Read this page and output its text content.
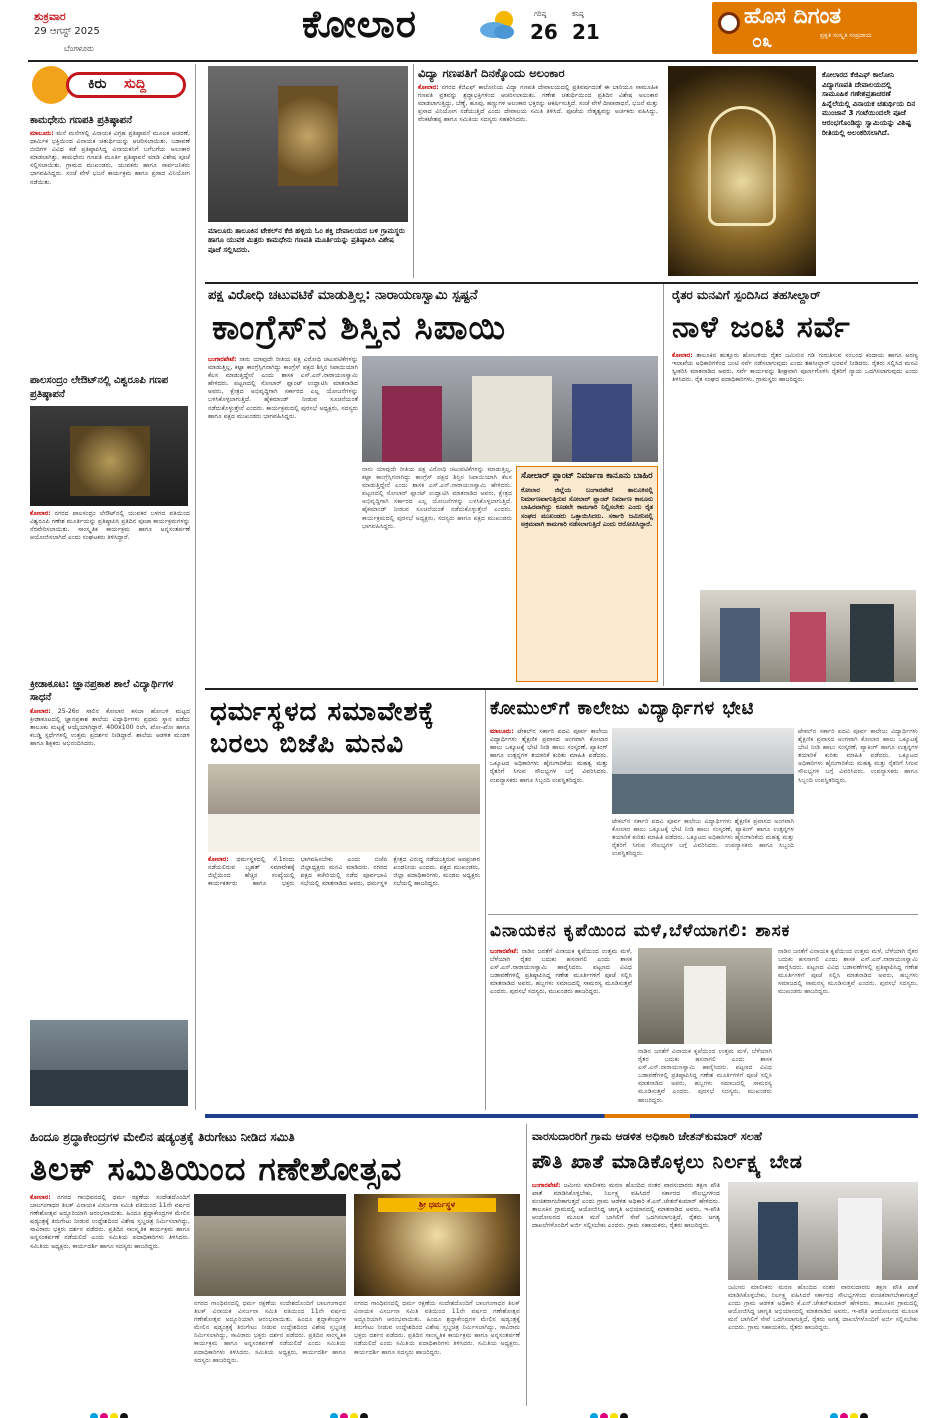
ಶುಕ್ರವಾರ
29 ಆಗಸ್ಟ್ 2025
ಬೆಂಗಳೂರು
ಕೋಲಾರ	ಗರಿಷ್ಠ
26
ಕನಿಷ್ಠ
21
ಹೊಸ ದಿಗಂತ
ಪ್ರಕೃತಿ ಸಂಸ್ಕೃತಿ ಸಂಪ್ರದಾಯ
೦೩
ಕಿರು ಸುದ್ದಿ
ಕಾಮಧೇನು ಗಣಪತಿ ಪ್ರತಿಷ್ಠಾಪನೆ
ಮಾಲೂರು: ಮನೆ ಮನೆಗಳಲ್ಲಿ ವಿನಾಯಕ ವಿಗ್ರಹ ಪ್ರತಿಷ್ಠಾಪನೆ ಮೂಲಕ ಆಚರಣೆ, ಧಾರ್ಮಿಕ ಭಕ್ತಿಯಿಂದ ವಿನಾಯಕ ಚತುರ್ಥಿಯನ್ನು ಆಚರಿಸಲಾಯಿತು. ಬಡಾವಣೆ ಬೀದಿಗಳ ವಿವಿಧ ಕಡೆ ಪ್ರತಿಷ್ಠಾಪಿಸಿದ್ದ ವಿನಾಯಕನಿಗೆ ಬಗೆಬಗೆಯ ಅಲಂಕಾರ ಮಾಡಲಾಗಿತ್ತು. ಕಾಮಧೇನು ಗಣಪತಿ ಮೂರ್ತಿ ಪ್ರತಿಷ್ಠಾಪನೆ ಮಾಡಿ ವಿಶೇಷ ಪೂಜೆ ಸಲ್ಲಿಸಲಾಯಿತು. ಗ್ರಾಮದ ಮುಖಂಡರು, ಯುವಕರು ಹಾಗೂ ಸಾರ್ವಜನಿಕರು ಭಾಗವಹಿಸಿದ್ದರು. ಸಂಜೆ ವೇಳೆ ಭಜನೆ ಕಾರ್ಯಕ್ರಮ ಹಾಗೂ ಪ್ರಸಾದ ವಿನಿಯೋಗ ನಡೆಯಿತು.
ಪಾಲಸಂದ್ರಂ ಲೇಔಟ್‌ನಲ್ಲಿ ವಿಶ್ವರೂಪಿ ಗಣಪ ಪ್ರತಿಷ್ಠಾಪನೆ
ಕೋಲಾರ: ನಗರದ ಪಾಲಸಂದ್ರಂ ಲೇಔಟ್‌ನಲ್ಲಿ ಯುವಕರ ಬಳಗದ ವತಿಯಿಂದ ವಿಶ್ವರೂಪಿ ಗಣೇಶ ಮೂರ್ತಿಯನ್ನು ಪ್ರತಿಷ್ಠಾಪಿಸಿ ಪ್ರತಿದಿನ ಪೂಜಾ ಕಾರ್ಯಕ್ರಮಗಳನ್ನು ನೆರವೇರಿಸಲಾಯಿತು. ಸಾಂಸ್ಕೃತಿಕ ಕಾರ್ಯಕ್ರಮ ಹಾಗೂ ಅನ್ನಸಂತರ್ಪಣೆ ಆಯೋಜಿಸಲಾಗಿದೆ ಎಂದು ಸಂಘಟಕರು ತಿಳಿಸಿದ್ದಾರೆ.
ಕ್ರೀಡಾಕೂಟ: ಜ್ಞಾನಪ್ರಕಾಶ ಶಾಲೆ ವಿದ್ಯಾರ್ಥಿಗಳ ಸಾಧನೆ
ಕೋಲಾರ: 25-26ರ ಸಾಲಿನ ಕೋಲಾರ ಕಸಬಾ ಹೋಬಳಿ ಮಟ್ಟದ ಕ್ರೀಡಾಕೂಟದಲ್ಲಿ ಜ್ಞಾನಪ್ರಕಾಶ ಶಾಲೆಯ ವಿದ್ಯಾರ್ಥಿಗಳು ಪ್ರಥಮ ಸ್ಥಾನ ಪಡೆದು ತಾಲೂಕು ಮಟ್ಟಕ್ಕೆ ಆಯ್ಕೆಯಾಗಿದ್ದಾರೆ. 400x100 ರಿಲೇ, ಖೋ-ಖೋ ಹಾಗೂ ಕಬಡ್ಡಿ ಸ್ಪರ್ಧೆಗಳಲ್ಲಿ ಉತ್ತಮ ಪ್ರದರ್ಶನ ನೀಡಿದ್ದಾರೆ. ಶಾಲೆಯ ಆಡಳಿತ ಮಂಡಳಿ ಹಾಗೂ ಶಿಕ್ಷಕರು ಅಭಿನಂದಿಸಿದರು.
ಮಾಲೂರು ತಾಲೂಕಿನ ಟೇಕಲ್‌ನ ಕೆಜಿ ಹಳ್ಳಿಯ ಓಂ ಶಕ್ತಿ ದೇವಾಲಯದ ಬಳಿ ಗ್ರಾಮಸ್ಥರು ಹಾಗೂ ಯುವಕ ಮಿತ್ರರು ಕಾಮಧೇನು ಗಣಪತಿ ಮೂರ್ತಿಯನ್ನು ಪ್ರತಿಷ್ಠಾಪಿಸಿ ವಿಶೇಷ ಪೂಜೆ ಸಲ್ಲಿಸಿದರು.
ವಿದ್ಯಾ ಗಣಪತಿಗೆ ದಿನಕ್ಕೊಂದು ಅಲಂಕಾರ
ಕೋಲಾರ: ನಗರದ ಕೆಜಿಎಫ್ ಕಾಲೋನಿಯ ವಿದ್ಯಾ ಗಣಪತಿ ದೇವಾಲಯದಲ್ಲಿ ಪ್ರತಿವರ್ಷದಂತೆ ಈ ಬಾರಿಯೂ ಸಾಮೂಹಿಕ ಗಣಪತಿ ವ್ರತವನ್ನು ಶ್ರದ್ಧಾಭಕ್ತಿಗಳಿಂದ ಆಚರಿಸಲಾಯಿತು. ಗಣೇಶ ಚತುರ್ಥಿಯಿಂದ ಪ್ರತಿದಿನ ವಿಶೇಷ ಅಲಂಕಾರ ಮಾಡಲಾಗುತ್ತಿದ್ದು, ಬೆಣ್ಣೆ, ಹೂವು, ಹಣ್ಣುಗಳ ಅಲಂಕಾರ ಭಕ್ತರನ್ನು ಆಕರ್ಷಿಸುತ್ತಿದೆ. ಸಂಜೆ ವೇಳೆ ದೀಪಾರಾಧನೆ, ಭಜನೆ ಮತ್ತು ಪ್ರಸಾದ ವಿನಿಯೋಗ ನಡೆಯುತ್ತಿದೆ ಎಂದು ದೇವಾಲಯ ಸಮಿತಿ ತಿಳಿಸಿದೆ. ಪೂಜೆಯ ನೇತೃತ್ವವನ್ನು ಅರ್ಚಕರು ವಹಿಸಿದ್ದು, ವೆಂಕಟೇಶಪ್ಪ ಹಾಗೂ ಸಮಿತಿಯ ಸದಸ್ಯರು ಸಹಕರಿಸಿದರು.
ಕೋಲಾರದ ಕೆಜಿಎಫ್ ಕಾಲೋನಿ ವಿದ್ಯಾಗಣಪತಿ ದೇವಾಲಯದಲ್ಲಿ ಸಾಮೂಹಿಕ ಗಣೇಶವ್ರತಾಚರಣೆ ಹಿನ್ನೆಲೆಯಲ್ಲಿ ವಿನಾಯಕ ಚತುರ್ಥಿಯ ದಿನ ಮುಂಜಾನೆ 3 ಗಂಟೆಯಿಂದಲೇ ಪೂಜೆ ಆರಂಭಗೊಂಡಿದ್ದು ಸ್ವಾಮಿಯನ್ನು ವಿಶಿಷ್ಟ ರೀತಿಯಲ್ಲಿ ಅಲಂಕರಿಸಲಾಗಿದೆ.
ಪಕ್ಷ ವಿರೋಧಿ ಚಟುವಟಿಕೆ ಮಾಡುತ್ತಿಲ್ಲ: ನಾರಾಯಣಸ್ವಾಮಿ ಸ್ಪಷ್ಟನೆ
ಕಾಂಗ್ರೆಸ್‌ನ ಶಿಸ್ತಿನ ಸಿಪಾಯಿ
ಬಂಗಾರಪೇಟೆ: ನಾನು ಯಾವುದೇ ರೀತಿಯ ಪಕ್ಷ ವಿರೋಧಿ ಚಟುವಟಿಕೆಗಳನ್ನು ಮಾಡುತ್ತಿಲ್ಲ, ಕಟ್ಟಾ ಕಾಂಗ್ರೆಸ್ಸಿಗನಾಗಿದ್ದು ಕಾಂಗ್ರೆಸ್ ಪಕ್ಷದ ಶಿಸ್ತಿನ ಸಿಪಾಯಿಯಾಗಿ ಕೆಲಸ ಮಾಡುತ್ತಿದ್ದೇನೆ ಎಂದು ಶಾಸಕ ಎಸ್.ಎನ್.ನಾರಾಯಣಸ್ವಾಮಿ ಹೇಳಿದರು. ಪಟ್ಟಣದಲ್ಲಿ ಸೋಲಾರ್ ಪ್ಲಾಂಟ್ ಉದ್ಘಾಟಿಸಿ ಮಾತನಾಡಿದ ಅವರು, ಕ್ಷೇತ್ರದ ಅಭಿವೃದ್ಧಿಗಾಗಿ ಸರ್ಕಾರದ ಎಲ್ಲ ಯೋಜನೆಗಳನ್ನು ಬಳಸಿಕೊಳ್ಳಲಾಗುತ್ತಿದೆ. ಹೈಕಮಾಂಡ್ ನೀಡುವ ಸೂಚನೆಯಂತೆ ನಡೆದುಕೊಳ್ಳುತ್ತೇನೆ ಎಂದರು. ಕಾರ್ಯಕ್ರಮದಲ್ಲಿ ಪುರಸಭೆ ಅಧ್ಯಕ್ಷರು, ಸದಸ್ಯರು ಹಾಗೂ ಪಕ್ಷದ ಮುಖಂಡರು ಭಾಗವಹಿಸಿದ್ದರು.
ನಾನು ಯಾವುದೇ ರೀತಿಯ ಪಕ್ಷ ವಿರೋಧಿ ಚಟುವಟಿಕೆಗಳನ್ನು ಮಾಡುತ್ತಿಲ್ಲ, ಕಟ್ಟಾ ಕಾಂಗ್ರೆಸ್ಸಿಗನಾಗಿದ್ದು ಕಾಂಗ್ರೆಸ್ ಪಕ್ಷದ ಶಿಸ್ತಿನ ಸಿಪಾಯಿಯಾಗಿ ಕೆಲಸ ಮಾಡುತ್ತಿದ್ದೇನೆ ಎಂದು ಶಾಸಕ ಎಸ್.ಎನ್.ನಾರಾಯಣಸ್ವಾಮಿ ಹೇಳಿದರು. ಪಟ್ಟಣದಲ್ಲಿ ಸೋಲಾರ್ ಪ್ಲಾಂಟ್ ಉದ್ಘಾಟಿಸಿ ಮಾತನಾಡಿದ ಅವರು, ಕ್ಷೇತ್ರದ ಅಭಿವೃದ್ಧಿಗಾಗಿ ಸರ್ಕಾರದ ಎಲ್ಲ ಯೋಜನೆಗಳನ್ನು ಬಳಸಿಕೊಳ್ಳಲಾಗುತ್ತಿದೆ. ಹೈಕಮಾಂಡ್ ನೀಡುವ ಸೂಚನೆಯಂತೆ ನಡೆದುಕೊಳ್ಳುತ್ತೇನೆ ಎಂದರು. ಕಾರ್ಯಕ್ರಮದಲ್ಲಿ ಪುರಸಭೆ ಅಧ್ಯಕ್ಷರು, ಸದಸ್ಯರು ಹಾಗೂ ಪಕ್ಷದ ಮುಖಂಡರು ಭಾಗವಹಿಸಿದ್ದರು.
ಸೋಲಾರ್ ಪ್ಲಾಂಟ್ ನಿರ್ಮಾಣ ಕಾನೂನು ಬಾಹಿರ
ಕೋಲಾರ ಜಿಲ್ಲೆಯ ಬಂಗಾರಪೇಟೆ ತಾಲೂಕಿನಲ್ಲಿ ನಿರ್ಮಾಣವಾಗುತ್ತಿರುವ ಸೋಲಾರ್ ಪ್ಲಾಂಟ್ ನಿರ್ಮಾಣ ಕಾನೂನು ಬಾಹಿರವಾಗಿದ್ದು ಕೂಡಲೇ ಕಾಮಗಾರಿ ನಿಲ್ಲಿಸಬೇಕು ಎಂದು ರೈತ ಸಂಘದ ಮುಖಂಡರು ಒತ್ತಾಯಿಸಿದರು. ಸರ್ಕಾರಿ ಜಮೀನಿನಲ್ಲಿ ಅಕ್ರಮವಾಗಿ ಕಾಮಗಾರಿ ನಡೆಸಲಾಗುತ್ತಿದೆ ಎಂದು ಆರೋಪಿಸಿದ್ದಾರೆ.
ರೈತರ ಮನವಿಗೆ ಸ್ಪಂದಿಸಿದ ತಹಸೀಲ್ದಾರ್
ನಾಳೆ ಜಂಟಿ ಸರ್ವೆ
ಕೋಲಾರ: ತಾಲೂಕಿನ ಹುತ್ತೂರು ಹೋಬಳಿಯ ರೈತರ ಜಮೀನಿನ ಗಡಿ ಗುರುತಿಸುವ ಸಂಬಂಧ ಕಂದಾಯ ಹಾಗೂ ಅರಣ್ಯ ಇಲಾಖೆಯ ಅಧಿಕಾರಿಗಳಿಂದ ಜಂಟಿ ಸರ್ವೆ ನಡೆಸಲಾಗುವುದು ಎಂದು ತಹಸೀಲ್ದಾರ್ ಭರವಸೆ ನೀಡಿದರು. ರೈತರು ಸಲ್ಲಿಸಿದ ಮನವಿ ಸ್ವೀಕರಿಸಿ ಮಾತನಾಡಿದ ಅವರು, ಸರ್ವೆ ಕಾರ್ಯವನ್ನು ಶೀಘ್ರವಾಗಿ ಪೂರ್ಣಗೊಳಿಸಿ ರೈತರಿಗೆ ನ್ಯಾಯ ಒದಗಿಸಲಾಗುವುದು ಎಂದು ತಿಳಿಸಿದರು. ರೈತ ಸಂಘದ ಪದಾಧಿಕಾರಿಗಳು, ಗ್ರಾಮಸ್ಥರು ಹಾಜರಿದ್ದರು.
ಧರ್ಮಸ್ಥಳದ ಸಮಾವೇಶಕ್ಕೆ
ಬರಲು ಬಿಜೆಪಿ ಮನವಿ
ಕೋಲಾರ: ಧರ್ಮಸ್ಥಳದಲ್ಲಿ ಸೆ.1ರಂದು ನಡೆಯಲಿರುವ ಬೃಹತ್ ಸಮಾವೇಶಕ್ಕೆ ಜಿಲ್ಲೆಯಿಂದ ಹೆಚ್ಚಿನ ಸಂಖ್ಯೆಯಲ್ಲಿ ಕಾರ್ಯಕರ್ತರು ಹಾಗೂ ಭಕ್ತರು ಭಾಗವಹಿಸಬೇಕು ಎಂದು ಬಿಜೆಪಿ ಜಿಲ್ಲಾಧ್ಯಕ್ಷರು ಮನವಿ ಮಾಡಿದರು. ನಗರದ ಪಕ್ಷದ ಕಚೇರಿಯಲ್ಲಿ ನಡೆದ ಪೂರ್ವಭಾವಿ ಸಭೆಯಲ್ಲಿ ಮಾತನಾಡಿದ ಅವರು, ಧರ್ಮಸ್ಥಳ ಕ್ಷೇತ್ರದ ವಿರುದ್ಧ ನಡೆಯುತ್ತಿರುವ ಅಪಪ್ರಚಾರ ಖಂಡನೀಯ ಎಂದರು. ಪಕ್ಷದ ಮುಖಂಡರು, ಜಿಲ್ಲಾ ಪದಾಧಿಕಾರಿಗಳು, ಮಂಡಲ ಅಧ್ಯಕ್ಷರು ಸಭೆಯಲ್ಲಿ ಹಾಜರಿದ್ದರು.
ಕೋಮುಲ್‌ಗೆ ಕಾಲೇಜು ವಿದ್ಯಾರ್ಥಿಗಳ ಭೇಟಿ
ಮಾಲೂರು: ಟೇಕಲ್‌ನ ಸರ್ಕಾರಿ ಪದವಿ ಪೂರ್ವ ಕಾಲೇಜು ವಿದ್ಯಾರ್ಥಿಗಳು ಶೈಕ್ಷಣಿಕ ಪ್ರವಾಸದ ಅಂಗವಾಗಿ ಕೋಲಾರ ಹಾಲು ಒಕ್ಕೂಟಕ್ಕೆ ಭೇಟಿ ನೀಡಿ ಹಾಲು ಸಂಸ್ಕರಣೆ, ಪ್ಯಾಕಿಂಗ್ ಹಾಗೂ ಉತ್ಪನ್ನಗಳ ತಯಾರಿಕೆ ಕುರಿತು ಮಾಹಿತಿ ಪಡೆದರು. ಒಕ್ಕೂಟದ ಅಧಿಕಾರಿಗಳು ಹೈನುಗಾರಿಕೆಯ ಮಹತ್ವ ಮತ್ತು ರೈತರಿಗೆ ಸಿಗುವ ಸೌಲಭ್ಯಗಳ ಬಗ್ಗೆ ವಿವರಿಸಿದರು. ಉಪನ್ಯಾಸಕರು ಹಾಗೂ ಸಿಬ್ಬಂದಿ ಉಪಸ್ಥಿತರಿದ್ದರು.
ಟೇಕಲ್‌ನ ಸರ್ಕಾರಿ ಪದವಿ ಪೂರ್ವ ಕಾಲೇಜು ವಿದ್ಯಾರ್ಥಿಗಳು ಶೈಕ್ಷಣಿಕ ಪ್ರವಾಸದ ಅಂಗವಾಗಿ ಕೋಲಾರ ಹಾಲು ಒಕ್ಕೂಟಕ್ಕೆ ಭೇಟಿ ನೀಡಿ ಹಾಲು ಸಂಸ್ಕರಣೆ, ಪ್ಯಾಕಿಂಗ್ ಹಾಗೂ ಉತ್ಪನ್ನಗಳ ತಯಾರಿಕೆ ಕುರಿತು ಮಾಹಿತಿ ಪಡೆದರು. ಒಕ್ಕೂಟದ ಅಧಿಕಾರಿಗಳು ಹೈನುಗಾರಿಕೆಯ ಮಹತ್ವ ಮತ್ತು ರೈತರಿಗೆ ಸಿಗುವ ಸೌಲಭ್ಯಗಳ ಬಗ್ಗೆ ವಿವರಿಸಿದರು. ಉಪನ್ಯಾಸಕರು ಹಾಗೂ ಸಿಬ್ಬಂದಿ ಉಪಸ್ಥಿತರಿದ್ದರು.
ಟೇಕಲ್‌ನ ಸರ್ಕಾರಿ ಪದವಿ ಪೂರ್ವ ಕಾಲೇಜು ವಿದ್ಯಾರ್ಥಿಗಳು ಶೈಕ್ಷಣಿಕ ಪ್ರವಾಸದ ಅಂಗವಾಗಿ ಕೋಲಾರ ಹಾಲು ಒಕ್ಕೂಟಕ್ಕೆ ಭೇಟಿ ನೀಡಿ ಹಾಲು ಸಂಸ್ಕರಣೆ, ಪ್ಯಾಕಿಂಗ್ ಹಾಗೂ ಉತ್ಪನ್ನಗಳ ತಯಾರಿಕೆ ಕುರಿತು ಮಾಹಿತಿ ಪಡೆದರು. ಒಕ್ಕೂಟದ ಅಧಿಕಾರಿಗಳು ಹೈನುಗಾರಿಕೆಯ ಮಹತ್ವ ಮತ್ತು ರೈತರಿಗೆ ಸಿಗುವ ಸೌಲಭ್ಯಗಳ ಬಗ್ಗೆ ವಿವರಿಸಿದರು. ಉಪನ್ಯಾಸಕರು ಹಾಗೂ ಸಿಬ್ಬಂದಿ ಉಪಸ್ಥಿತರಿದ್ದರು.
ವಿನಾಯಕನ ಕೃಪೆಯಿಂದ ಮಳೆ,ಬೆಳೆಯಾಗಲಿ: ಶಾಸಕ
ಬಂಗಾರಪೇಟೆ: ನಾಡಿನ ಜನತೆಗೆ ವಿನಾಯಕ ಕೃಪೆಯಿಂದ ಉತ್ತಮ ಮಳೆ, ಬೆಳೆಯಾಗಿ ರೈತರ ಬದುಕು ಹಸನಾಗಲಿ ಎಂದು ಶಾಸಕ ಎಸ್.ಎನ್.ನಾರಾಯಣಸ್ವಾಮಿ ಹಾರೈಸಿದರು. ಪಟ್ಟಣದ ವಿವಿಧ ಬಡಾವಣೆಗಳಲ್ಲಿ ಪ್ರತಿಷ್ಠಾಪಿಸಿದ್ದ ಗಣೇಶ ಮೂರ್ತಿಗಳಿಗೆ ಪೂಜೆ ಸಲ್ಲಿಸಿ ಮಾತನಾಡಿದ ಅವರು, ಹಬ್ಬಗಳು ಸಮಾಜದಲ್ಲಿ ಸಾಮರಸ್ಯ ಮೂಡಿಸುತ್ತವೆ ಎಂದರು. ಪುರಸಭೆ ಸದಸ್ಯರು, ಮುಖಂಡರು ಹಾಜರಿದ್ದರು.
ನಾಡಿನ ಜನತೆಗೆ ವಿನಾಯಕ ಕೃಪೆಯಿಂದ ಉತ್ತಮ ಮಳೆ, ಬೆಳೆಯಾಗಿ ರೈತರ ಬದುಕು ಹಸನಾಗಲಿ ಎಂದು ಶಾಸಕ ಎಸ್.ಎನ್.ನಾರಾಯಣಸ್ವಾಮಿ ಹಾರೈಸಿದರು. ಪಟ್ಟಣದ ವಿವಿಧ ಬಡಾವಣೆಗಳಲ್ಲಿ ಪ್ರತಿಷ್ಠಾಪಿಸಿದ್ದ ಗಣೇಶ ಮೂರ್ತಿಗಳಿಗೆ ಪೂಜೆ ಸಲ್ಲಿಸಿ ಮಾತನಾಡಿದ ಅವರು, ಹಬ್ಬಗಳು ಸಮಾಜದಲ್ಲಿ ಸಾಮರಸ್ಯ ಮೂಡಿಸುತ್ತವೆ ಎಂದರು. ಪುರಸಭೆ ಸದಸ್ಯರು, ಮುಖಂಡರು ಹಾಜರಿದ್ದರು.
ನಾಡಿನ ಜನತೆಗೆ ವಿನಾಯಕ ಕೃಪೆಯಿಂದ ಉತ್ತಮ ಮಳೆ, ಬೆಳೆಯಾಗಿ ರೈತರ ಬದುಕು ಹಸನಾಗಲಿ ಎಂದು ಶಾಸಕ ಎಸ್.ಎನ್.ನಾರಾಯಣಸ್ವಾಮಿ ಹಾರೈಸಿದರು. ಪಟ್ಟಣದ ವಿವಿಧ ಬಡಾವಣೆಗಳಲ್ಲಿ ಪ್ರತಿಷ್ಠಾಪಿಸಿದ್ದ ಗಣೇಶ ಮೂರ್ತಿಗಳಿಗೆ ಪೂಜೆ ಸಲ್ಲಿಸಿ ಮಾತನಾಡಿದ ಅವರು, ಹಬ್ಬಗಳು ಸಮಾಜದಲ್ಲಿ ಸಾಮರಸ್ಯ ಮೂಡಿಸುತ್ತವೆ ಎಂದರು. ಪುರಸಭೆ ಸದಸ್ಯರು, ಮುಖಂಡರು ಹಾಜರಿದ್ದರು.
ಹಿಂದೂ ಶ್ರದ್ಧಾಕೇಂದ್ರಗಳ ಮೇಲಿನ ಷಡ್ಯಂತ್ರಕ್ಕೆ ತಿರುಗೇಟು ನೀಡಿದ ಸಮಿತಿ
ತಿಲಕ್ ಸಮಿತಿಯಿಂದ ಗಣೇಶೋತ್ಸವ
ಕೋಲಾರ: ನಗರದ ಗಾಂಧಿವನದಲ್ಲಿ ಧರ್ಮ ರಕ್ಷಣೆಯ ಸಂದೇಶದೊಂದಿಗೆ ಬಾಲಗಂಗಾಧರ ತಿಲಕ್ ವಿನಾಯಕ ವಿಸರ್ಜನಾ ಸಮಿತಿ ವತಿಯಿಂದ 11ನೇ ವರ್ಷದ ಗಣೇಶೋತ್ಸವ ಅದ್ದೂರಿಯಾಗಿ ಆರಂಭವಾಯಿತು. ಹಿಂದೂ ಶ್ರದ್ಧಾಕೇಂದ್ರಗಳ ಮೇಲಿನ ಷಡ್ಯಂತ್ರಕ್ಕೆ ತಿರುಗೇಟು ನೀಡುವ ಉದ್ದೇಶದಿಂದ ವಿಶೇಷ ಸ್ತಬ್ಧಚಿತ್ರ ನಿರ್ಮಿಸಲಾಗಿದ್ದು, ಸಾವಿರಾರು ಭಕ್ತರು ದರ್ಶನ ಪಡೆದರು. ಪ್ರತಿದಿನ ಸಾಂಸ್ಕೃತಿಕ ಕಾರ್ಯಕ್ರಮ ಹಾಗೂ ಅನ್ನಸಂತರ್ಪಣೆ ನಡೆಯಲಿದೆ ಎಂದು ಸಮಿತಿಯ ಪದಾಧಿಕಾರಿಗಳು ತಿಳಿಸಿದರು. ಸಮಿತಿಯ ಅಧ್ಯಕ್ಷರು, ಕಾರ್ಯದರ್ಶಿ ಹಾಗೂ ಸದಸ್ಯರು ಹಾಜರಿದ್ದರು.
ಶ್ರೀ ಧರ್ಮಸ್ಥಳ
ನಗರದ ಗಾಂಧಿವನದಲ್ಲಿ ಧರ್ಮ ರಕ್ಷಣೆಯ ಸಂದೇಶದೊಂದಿಗೆ ಬಾಲಗಂಗಾಧರ ತಿಲಕ್ ವಿನಾಯಕ ವಿಸರ್ಜನಾ ಸಮಿತಿ ವತಿಯಿಂದ 11ನೇ ವರ್ಷದ ಗಣೇಶೋತ್ಸವ ಅದ್ದೂರಿಯಾಗಿ ಆರಂಭವಾಯಿತು. ಹಿಂದೂ ಶ್ರದ್ಧಾಕೇಂದ್ರಗಳ ಮೇಲಿನ ಷಡ್ಯಂತ್ರಕ್ಕೆ ತಿರುಗೇಟು ನೀಡುವ ಉದ್ದೇಶದಿಂದ ವಿಶೇಷ ಸ್ತಬ್ಧಚಿತ್ರ ನಿರ್ಮಿಸಲಾಗಿದ್ದು, ಸಾವಿರಾರು ಭಕ್ತರು ದರ್ಶನ ಪಡೆದರು. ಪ್ರತಿದಿನ ಸಾಂಸ್ಕೃತಿಕ ಕಾರ್ಯಕ್ರಮ ಹಾಗೂ ಅನ್ನಸಂತರ್ಪಣೆ ನಡೆಯಲಿದೆ ಎಂದು ಸಮಿತಿಯ ಪದಾಧಿಕಾರಿಗಳು ತಿಳಿಸಿದರು. ಸಮಿತಿಯ ಅಧ್ಯಕ್ಷರು, ಕಾರ್ಯದರ್ಶಿ ಹಾಗೂ ಸದಸ್ಯರು ಹಾಜರಿದ್ದರು.
ನಗರದ ಗಾಂಧಿವನದಲ್ಲಿ ಧರ್ಮ ರಕ್ಷಣೆಯ ಸಂದೇಶದೊಂದಿಗೆ ಬಾಲಗಂಗಾಧರ ತಿಲಕ್ ವಿನಾಯಕ ವಿಸರ್ಜನಾ ಸಮಿತಿ ವತಿಯಿಂದ 11ನೇ ವರ್ಷದ ಗಣೇಶೋತ್ಸವ ಅದ್ದೂರಿಯಾಗಿ ಆರಂಭವಾಯಿತು. ಹಿಂದೂ ಶ್ರದ್ಧಾಕೇಂದ್ರಗಳ ಮೇಲಿನ ಷಡ್ಯಂತ್ರಕ್ಕೆ ತಿರುಗೇಟು ನೀಡುವ ಉದ್ದೇಶದಿಂದ ವಿಶೇಷ ಸ್ತಬ್ಧಚಿತ್ರ ನಿರ್ಮಿಸಲಾಗಿದ್ದು, ಸಾವಿರಾರು ಭಕ್ತರು ದರ್ಶನ ಪಡೆದರು. ಪ್ರತಿದಿನ ಸಾಂಸ್ಕೃತಿಕ ಕಾರ್ಯಕ್ರಮ ಹಾಗೂ ಅನ್ನಸಂತರ್ಪಣೆ ನಡೆಯಲಿದೆ ಎಂದು ಸಮಿತಿಯ ಪದಾಧಿಕಾರಿಗಳು ತಿಳಿಸಿದರು. ಸಮಿತಿಯ ಅಧ್ಯಕ್ಷರು, ಕಾರ್ಯದರ್ಶಿ ಹಾಗೂ ಸದಸ್ಯರು ಹಾಜರಿದ್ದರು.
ವಾರಸುದಾರರಿಗೆ ಗ್ರಾಮ ಆಡಳಿತ ಅಧಿಕಾರಿ ಚೇತನ್‌ಕುಮಾರ್ ಸಲಹೆ
ಪೌತಿ ಖಾತೆ ಮಾಡಿಕೊಳ್ಳಲು ನಿರ್ಲಕ್ಷ್ಯ ಬೇಡ
ಬಂಗಾರಪೇಟೆ: ಜಮೀನು ಮಾಲೀಕರು ಮರಣ ಹೊಂದಿದ ನಂತರ ವಾರಸುದಾರರು ತಕ್ಷಣ ಪೌತಿ ಖಾತೆ ಮಾಡಿಸಿಕೊಳ್ಳಬೇಕು, ನಿರ್ಲಕ್ಷ್ಯ ವಹಿಸಿದರೆ ಸರ್ಕಾರದ ಸೌಲಭ್ಯಗಳಿಂದ ವಂಚಿತರಾಗಬೇಕಾಗುತ್ತದೆ ಎಂದು ಗ್ರಾಮ ಆಡಳಿತ ಅಧಿಕಾರಿ ಕೆ.ಎನ್.ಚೇತನ್‌ಕುಮಾರ್ ಹೇಳಿದರು. ತಾಲೂಕಿನ ಗ್ರಾಮದಲ್ಲಿ ಆಯೋಜಿಸಿದ್ದ ಜಾಗೃತಿ ಅಭಿಯಾನದಲ್ಲಿ ಮಾತನಾಡಿದ ಅವರು, ಇ-ಪೌತಿ ಆಂದೋಲನದ ಮೂಲಕ ಮನೆ ಬಾಗಿಲಿಗೆ ಸೇವೆ ಒದಗಿಸಲಾಗುತ್ತಿದೆ, ರೈತರು ಅಗತ್ಯ ದಾಖಲೆಗಳೊಂದಿಗೆ ಅರ್ಜಿ ಸಲ್ಲಿಸಬೇಕು ಎಂದರು. ಗ್ರಾಮ ಸಹಾಯಕರು, ರೈತರು ಹಾಜರಿದ್ದರು.
ಜಮೀನು ಮಾಲೀಕರು ಮರಣ ಹೊಂದಿದ ನಂತರ ವಾರಸುದಾರರು ತಕ್ಷಣ ಪೌತಿ ಖಾತೆ ಮಾಡಿಸಿಕೊಳ್ಳಬೇಕು, ನಿರ್ಲಕ್ಷ್ಯ ವಹಿಸಿದರೆ ಸರ್ಕಾರದ ಸೌಲಭ್ಯಗಳಿಂದ ವಂಚಿತರಾಗಬೇಕಾಗುತ್ತದೆ ಎಂದು ಗ್ರಾಮ ಆಡಳಿತ ಅಧಿಕಾರಿ ಕೆ.ಎನ್.ಚೇತನ್‌ಕುಮಾರ್ ಹೇಳಿದರು. ತಾಲೂಕಿನ ಗ್ರಾಮದಲ್ಲಿ ಆಯೋಜಿಸಿದ್ದ ಜಾಗೃತಿ ಅಭಿಯಾನದಲ್ಲಿ ಮಾತನಾಡಿದ ಅವರು, ಇ-ಪೌತಿ ಆಂದೋಲನದ ಮೂಲಕ ಮನೆ ಬಾಗಿಲಿಗೆ ಸೇವೆ ಒದಗಿಸಲಾಗುತ್ತಿದೆ, ರೈತರು ಅಗತ್ಯ ದಾಖಲೆಗಳೊಂದಿಗೆ ಅರ್ಜಿ ಸಲ್ಲಿಸಬೇಕು ಎಂದರು. ಗ್ರಾಮ ಸಹಾಯಕರು, ರೈತರು ಹಾಜರಿದ್ದರು.
